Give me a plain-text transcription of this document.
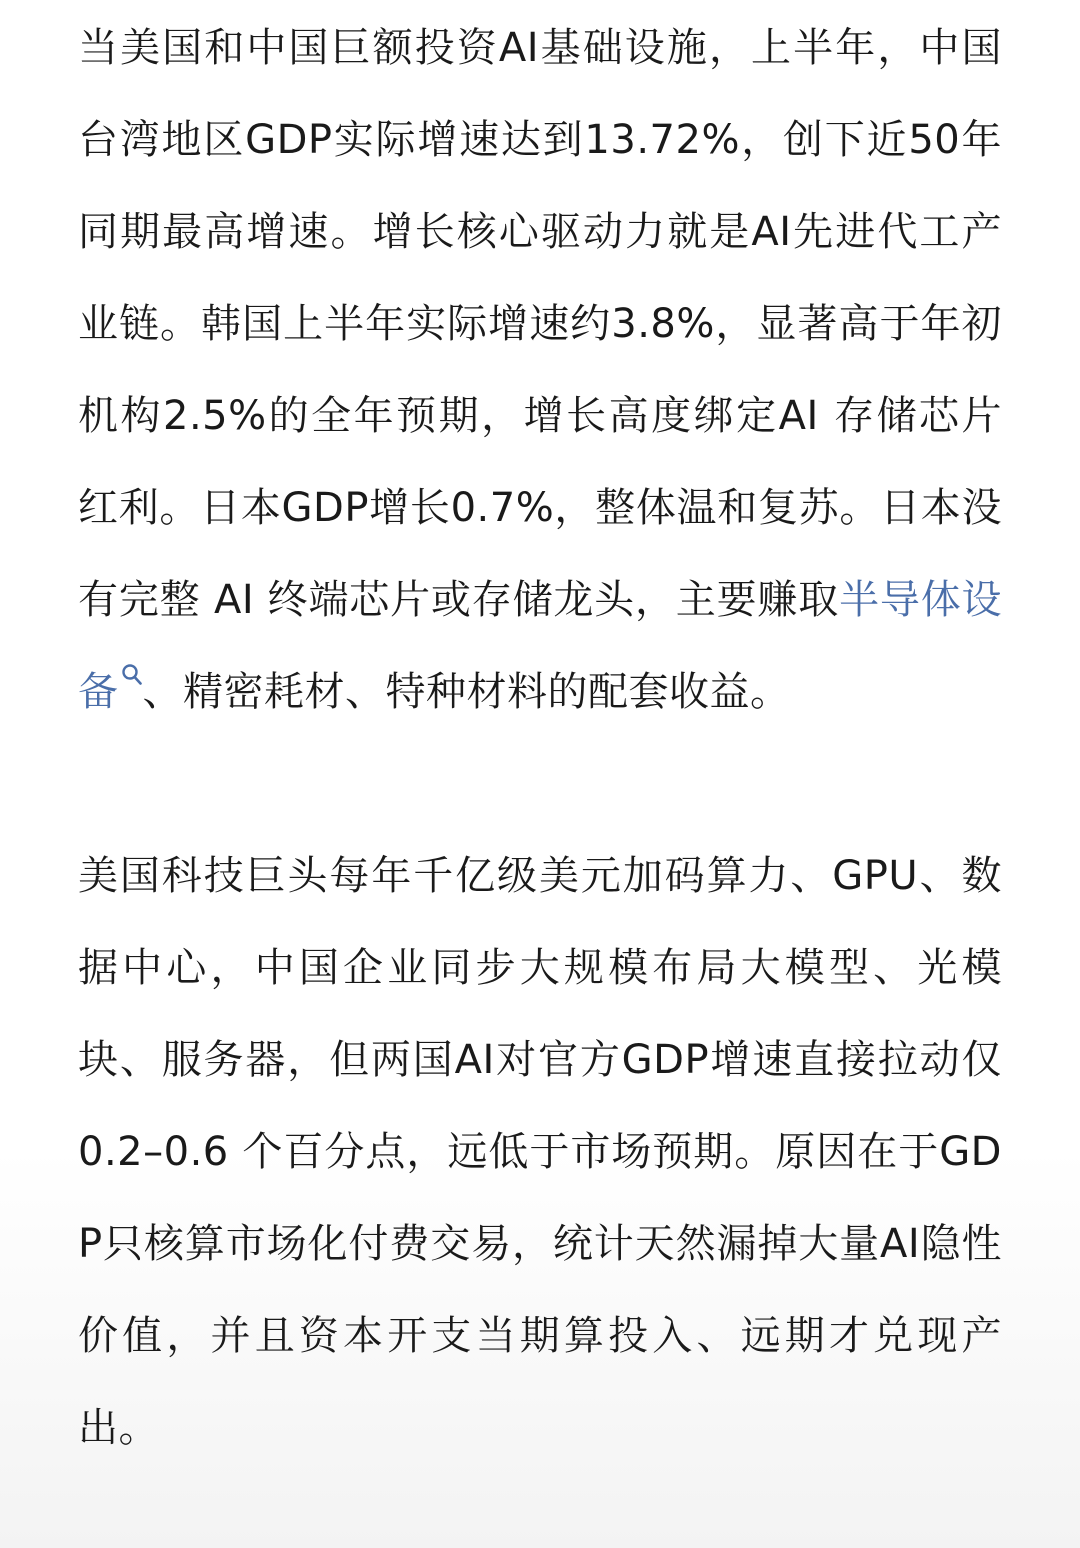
当美国和中国巨额投资AI基础设施，上半年，中国台湾地区GDP实际增速达到13.72%，创下近50年同期最高增速。增长核心驱动力就是AI先进代工产业链。韩国上半年实际增速约3.8%，显著高于年初机构2.5%的全年预期，增长高度绑定AI 存储芯片红利。日本GDP增长0.7%，整体温和复苏。日本没有完整 AI 终端芯片或存储龙头，主要赚取半导体设备 、精密耗材、特种材料的配套收益。

美国科技巨头每年千亿级美元加码算力、GPU、数据中心，中国企业同步大规模布局大模型、光模块、服务器，但两国AI对官方GDP增速直接拉动仅0.2–0.6 个百分点，远低于市场预期。原因在于GDP只核算市场化付费交易，统计天然漏掉大量AI隐性价值，并且资本开支当期算投入、远期才兑现产出。
